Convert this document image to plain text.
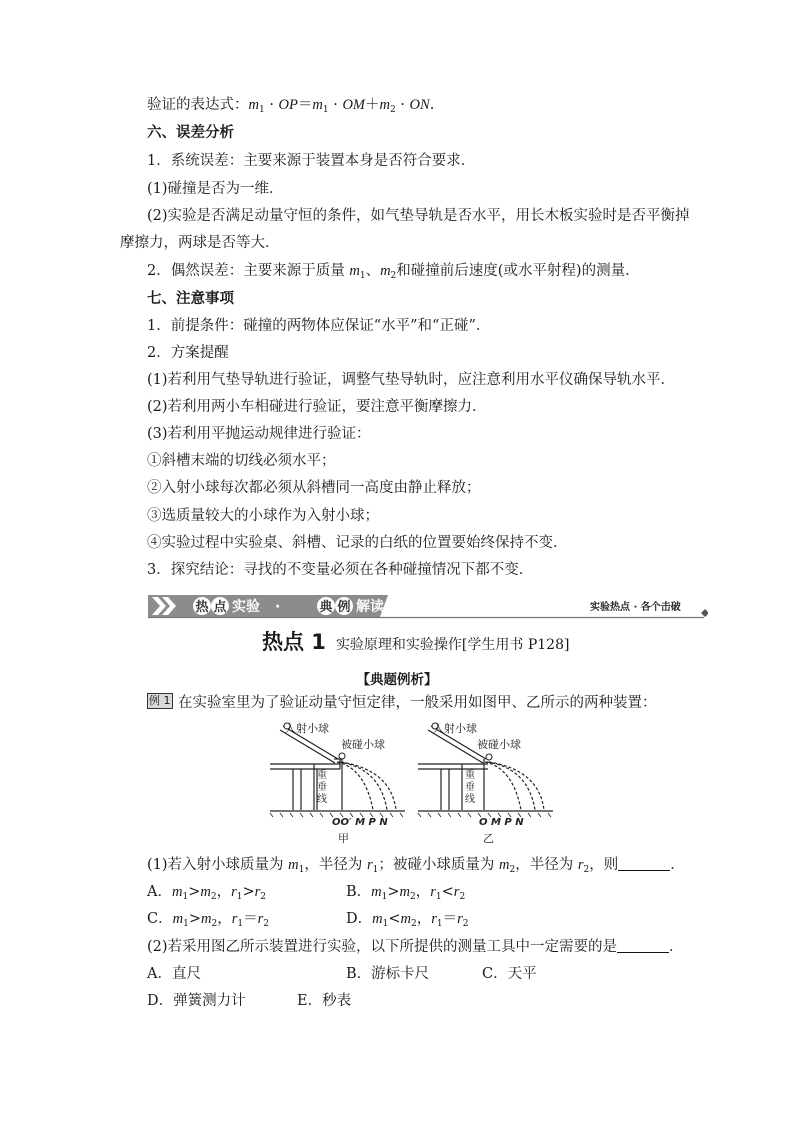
验证的表达式：$m_1 \cdot OP=m_1 \cdot OM+m_2$ · ON.
六、误差分析
1．系统误差：主要来源于装置本身是否符合要求．
(1)碰撞是否为一维．
(2)实验是否满足动量守恒的条件，如气垫导轨是否水平，用长木板实验时是否平衡掉
摩擦力，两球是否等大．
2．偶然误差：主要来源于质量 $m_1$、$m_2$和碰撞前后速度(或水平射程)的测量．
七、注意事项
1．前提条件：碰撞的两物体应保证“水平”和“正碰”．
2．方案提醒
(1)若利用气垫导轨进行验证，调整气垫导轨时，应注意利用水平仪确保导轨水平．
(2)若利用两小车相碰进行验证，要注意平衡摩擦力．
(3)若利用平抛运动规律进行验证：
①斜槽末端的切线必须水平；
②入射小球每次都必须从斜槽同一高度由静止释放；
③选质量较大的小球作为入射小球；
④实验过程中实验桌、斜槽、记录的白纸的位置要始终保持不变．
3．探究结论：寻找的不变量必须在各种碰撞情况下都不变．
热 点 实验 ·	典 例 解读	实验热点 · 各个击破
热点 1 实验原理和实验操作[学生用书 P128]
【典题例析】
例 1 在实验室里为了验证动量守恒定律，一般采用如图甲、乙所示的两种装置：
入射小球
被碰小球
重
垂
线
OO′ M P N
甲
入射小球
被碰小球
重
垂
线
O M P N
乙
(1)若入射小球质量为 $m_1$，半径为 $r_1$；被碰小球质量为 $m_2$，半径为 $r_2$，则	．
A．$m_1>m_2$，$r_1>r_2$	B．$m_1>m_2$，$r_1<r_2$
C．$m_1>m_2$，$r_1=r_2$	D．$m_1<m_2$，$r_1=r_2$
(2)若采用图乙所示装置进行实验，以下所提供的测量工具中一定需要的是	．
A．直尺	B．游标卡尺	C．天平
D．弹簧测力计	E．秒表
